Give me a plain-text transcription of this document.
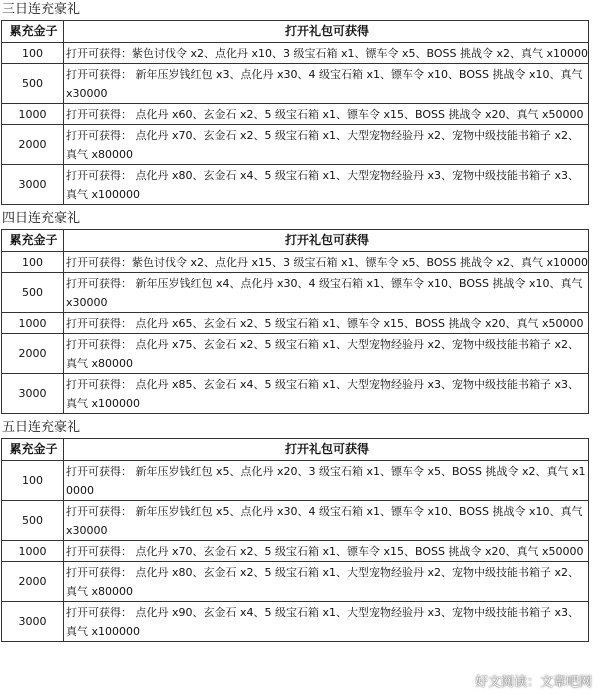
三日连充豪礼
累充金子	打开礼包可获得
100	打开可获得：紫色讨伐令 x2、点化丹 x10、3 级宝石箱 x1、镖车令 x5、BOSS 挑战令 x2、真气 x10000
500	打开可获得： 新年压岁钱红包 x3、点化丹 x30、4 级宝石箱 x1、镖车令 x10、BOSS 挑战令 x10、真气 x30000
1000	打开可获得： 点化丹 x60、玄金石 x2、5 级宝石箱 x1、镖车令 x15、BOSS 挑战令 x20、真气 x50000
2000	打开可获得： 点化丹 x70、玄金石 x2、5 级宝石箱 x1、大型宠物经验丹 x2、宠物中级技能书箱子 x2、真气 x80000
3000	打开可获得： 点化丹 x80、玄金石 x4、5 级宝石箱 x1、大型宠物经验丹 x3、宠物中级技能书箱子 x3、真气 x100000
四日连充豪礼
累充金子	打开礼包可获得
100	打开可获得：紫色讨伐令 x2、点化丹 x15、3 级宝石箱 x1、镖车令 x5、BOSS 挑战令 x2、真气 x10000
500	打开可获得： 新年压岁钱红包 x4、点化丹 x30、4 级宝石箱 x1、镖车令 x10、BOSS 挑战令 x10、真气 x30000
1000	打开可获得： 点化丹 x65、玄金石 x2、5 级宝石箱 x1、镖车令 x15、BOSS 挑战令 x20、真气 x50000
2000	打开可获得： 点化丹 x75、玄金石 x2、5 级宝石箱 x1、大型宠物经验丹 x2、宠物中级技能书箱子 x2、真气 x80000
3000	打开可获得： 点化丹 x85、玄金石 x4、5 级宝石箱 x1、大型宠物经验丹 x3、宠物中级技能书箱子 x3、真气 x100000
五日连充豪礼
累充金子	打开礼包可获得
100	打开可获得： 新年压岁钱红包 x5、点化丹 x20、3 级宝石箱 x1、镖车令 x5、BOSS 挑战令 x2、真气 x10000
500	打开可获得： 新年压岁钱红包 x5、点化丹 x30、4 级宝石箱 x1、镖车令 x10、BOSS 挑战令 x10、真气 x30000
1000	打开可获得： 点化丹 x70、玄金石 x2、5 级宝石箱 x1、镖车令 x15、BOSS 挑战令 x20、真气 x50000
2000	打开可获得： 点化丹 x80、玄金石 x2、5 级宝石箱 x1、大型宠物经验丹 x2、宠物中级技能书箱子 x2、真气 x80000
3000	打开可获得： 点化丹 x90、玄金石 x4、5 级宝石箱 x1、大型宠物经验丹 x3、宠物中级技能书箱子 x3、真气 x100000
好文阅读：文章吧网
